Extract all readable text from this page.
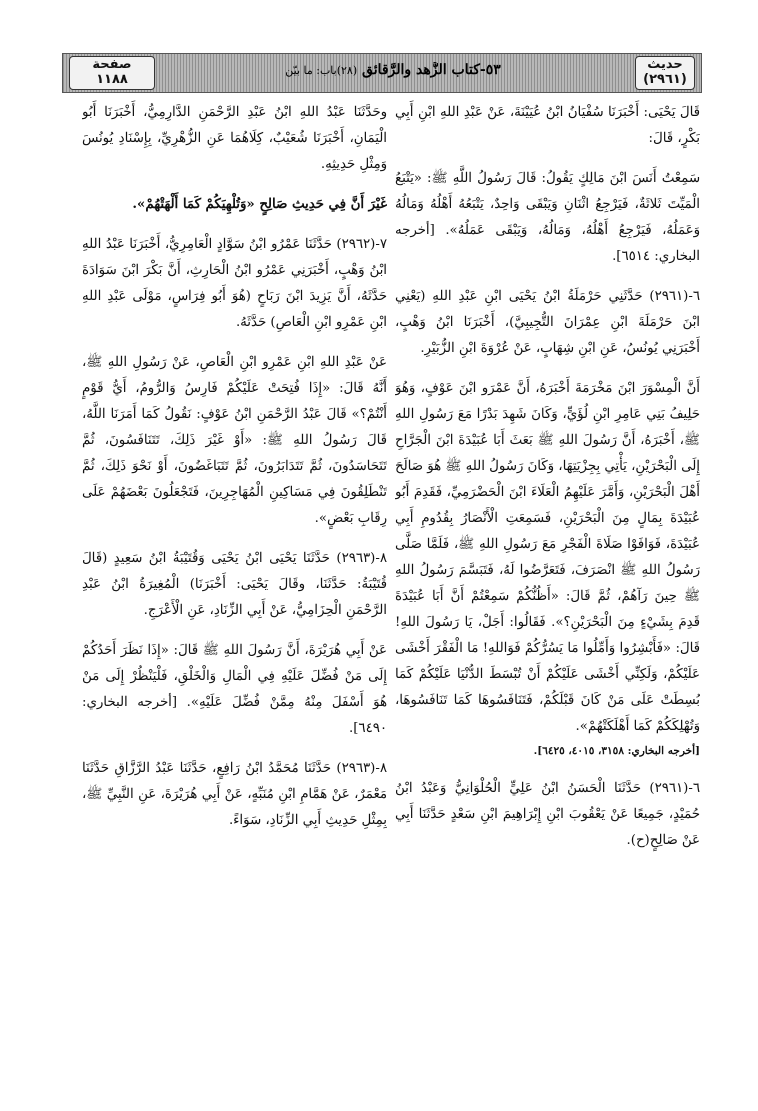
حديث
(٢٩٦١)
٥٣-كتاب الزُّهد والرَّقائق (٢٨)باب: ما بيّن
صفحة
١١٨٨

قَالَ يَحْيَى: أَخْبَرَنَا سُفْيَانُ ابْنُ عُيَيْنَةَ، عَنْ عَبْدِ اللهِ ابْنِ أَبِي بَكْرٍ، قَالَ:

سَمِعْتُ أَنَسَ ابْنَ مَالِكٍ يَقُولُ: قَالَ رَسُولُ اللَّهِ ﷺ: «يَتْبَعُ الْمَيِّتَ ثَلاثَةٌ، فَيَرْجِعُ اثْنَانِ وَيَبْقَى وَاحِدٌ، يَتْبَعُهُ أَهْلُهُ وَمَالُهُ وَعَمَلُهُ، فَيَرْجِعُ أَهْلُهُ، وَمَالُهُ، وَيَبْقَى عَمَلُهُ». [أخرجه البخاري: ٦٥١٤].

٦-(٢٩٦١) حَدَّثَنِي حَرْمَلَةُ ابْنُ يَحْيَى ابْنِ عَبْدِ اللهِ (يَعْنِي ابْنَ حَرْمَلَةَ ابْنِ عِمْرَانَ التُّجِيبِيَّ)، أَخْبَرَنَا ابْنُ وَهْبٍ، أَخْبَرَنِي يُونُسُ، عَنِ ابْنِ شِهَابٍ، عَنْ عُرْوَةَ ابْنِ الزُّبَيْرِ.

أَنَّ الْمِسْوَرَ ابْنَ مَخْرَمَةَ أَخْبَرَهُ، أَنَّ عَمْرَو ابْنَ عَوْفٍ، وَهُوَ حَلِيفُ بَنِي عَامِرِ ابْنِ لُؤَيٍّ، وَكَانَ شَهِدَ بَدْرًا مَعَ رَسُولِ اللهِ ﷺ، أَخْبَرَهُ، أَنَّ رَسُولَ اللهِ ﷺ بَعَثَ أَبَا عُبَيْدَةَ ابْنَ الْجَرَّاحِ إِلَى الْبَحْرَيْنِ، يَأْتِي بِجِزْيَتِهَا، وَكَانَ رَسُولُ اللهِ ﷺ هُوَ صَالَحَ أَهْلَ الْبَحْرَيْنِ، وَأَمَّرَ عَلَيْهِمُ الْعَلَاءَ ابْنَ الْحَضْرَمِيِّ، فَقَدِمَ أَبُو عُبَيْدَةَ بِمَالٍ مِنَ الْبَحْرَيْنِ، فَسَمِعَتِ الْأَنْصَارُ بِقُدُومِ أَبِي عُبَيْدَةَ، فَوَافَوْا صَلَاةَ الْفَجْرِ مَعَ رَسُولِ اللهِ ﷺ، فَلَمَّا صَلَّى رَسُولُ اللهِ ﷺ انْصَرَفَ، فَتَعَرَّضُوا لَهُ، فَتَبَسَّمَ رَسُولُ اللهِ ﷺ حِينَ رَآهُمْ، ثُمَّ قَالَ: «أَظُنُّكُمْ سَمِعْتُمْ أَنَّ أَبَا عُبَيْدَةَ قَدِمَ بِشَيْءٍ مِنَ الْبَحْرَيْنِ؟». فَقَالُوا: أَجَلْ، يَا رَسُولَ اللهِ! قَالَ: «فَأَبْشِرُوا وَأَمِّلُوا مَا يَسُرُّكُمْ فَوَاللهِ! مَا الْفَقْرَ أَخْشَى عَلَيْكُمْ، وَلَكِنِّي أَخْشَى عَلَيْكُمْ أَنْ تُبْسَطَ الدُّنْيَا عَلَيْكُمْ كَمَا بُسِطَتْ عَلَى مَنْ كَانَ قَبْلَكُمْ، فَتَنَافَسُوهَا كَمَا تَنَافَسُوهَا، وَتُهْلِكَكُمْ كَمَا أَهْلَكَتْهُمْ».

[أخرجه البخاري: ٣١٥٨، ٤٠١٥، ٦٤٢٥].

٦-(٢٩٦١) حَدَّثَنَا الْحَسَنُ ابْنُ عَلِيٍّ الْحُلْوَانِيُّ وَعَبْدُ ابْنُ حُمَيْدٍ، جَمِيعًا عَنْ يَعْقُوبَ ابْنِ إِبْرَاهِيمَ ابْنِ سَعْدٍ حَدَّثَنَا أَبِي عَنْ صَالِحٍ(ح).

وحَدَّثَنَا عَبْدُ اللهِ ابْنُ عَبْدِ الرَّحْمَنِ الدَّارِمِيُّ، أَخْبَرَنَا أَبُو الْيَمَانِ، أَخْبَرَنَا شُعَيْبٌ، كِلَاهُمَا عَنِ الزُّهْرِيِّ، بِإِسْنَادِ يُونُسَ وَمِثْلِ حَدِيثِهِ.

غَيْرَ أَنَّ فِي حَدِيثِ صَالِحٍ «وَتُلْهِيَكُمْ كَمَا أَلْهَتْهُمْ».

٧-(٢٩٦٢) حَدَّثَنَا عَمْرُو ابْنُ سَوَّادٍ الْعَامِرِيُّ، أَخْبَرَنَا عَبْدُ اللهِ ابْنُ وَهْبٍ، أَخْبَرَنِي عَمْرُو ابْنُ الْحَارِثِ، أَنَّ بَكْرَ ابْنَ سَوَادَةَ حَدَّثَهُ، أَنَّ يَزِيدَ ابْنَ رَبَاحٍ (هُوَ أَبُو فِرَاسٍ، مَوْلَى عَبْدِ اللهِ ابْنِ عَمْرِو ابْنِ الْعَاصِ) حَدَّثَهُ.

عَنْ عَبْدِ اللهِ ابْنِ عَمْرِو ابْنِ الْعَاصِ، عَنْ رَسُولِ اللهِ ﷺ، أَنَّهُ قَالَ: «إِذَا فُتِحَتْ عَلَيْكُمْ فَارِسُ وَالرُّومُ، أَيُّ قَوْمٍ أَنْتُمْ؟» قَالَ عَبْدُ الرَّحْمَنِ ابْنُ عَوْفٍ: نَقُولُ كَمَا أَمَرَنَا اللَّهُ، قَالَ رَسُولُ اللهِ ﷺ: «أَوْ غَيْرَ ذَلِكَ، تَتَنَافَسُونَ، ثُمَّ تَتَحَاسَدُونَ، ثُمَّ تَتَدَابَرُونَ، ثُمَّ تَتَبَاغَضُونَ، أَوْ نَحْوَ ذَلِكَ، ثُمَّ تَنْطَلِقُونَ فِي مَسَاكِينِ الْمُهَاجِرِينَ، فَتَجْعَلُونَ بَعْضَهُمْ عَلَى رِقَابِ بَعْضٍ».

٨-(٢٩٦٣) حَدَّثَنَا يَحْيَى ابْنُ يَحْيَى وَقُتَيْبَةُ ابْنُ سَعِيدٍ (قَالَ قُتَيْبَةُ: حَدَّثَنَا، وقَالَ يَحْيَى: أَخْبَرَنَا) الْمُغِيرَةُ ابْنُ عَبْدِ الرَّحْمَنِ الْحِزَامِيُّ، عَنْ أَبِي الزِّنَادِ، عَنِ الْأَعْرَجِ.

عَنْ أَبِي هُرَيْرَةَ، أَنَّ رَسُولَ اللهِ ﷺ قَالَ: «إِذَا نَظَرَ أَحَدُكُمْ إِلَى مَنْ فُضِّلَ عَلَيْهِ فِي الْمَالِ وَالْخَلْقِ، فَلْيَنْظُرْ إِلَى مَنْ هُوَ أَسْفَلَ مِنْهُ مِمَّنْ فُضِّلَ عَلَيْهِ». [أخرجه البخاري: ٦٤٩٠].

٨-(٢٩٦٣) حَدَّثَنَا مُحَمَّدُ ابْنُ رَافِعٍ، حَدَّثَنَا عَبْدُ الرَّزَّاقِ حَدَّثَنَا مَعْمَرٌ، عَنْ هَمَّامِ ابْنِ مُنَبِّهٍ، عَنْ أَبِي هُرَيْرَةَ، عَنِ النَّبِيِّ ﷺ، بِمِثْلِ حَدِيثِ أَبِي الزِّنَادِ، سَوَاءً.
